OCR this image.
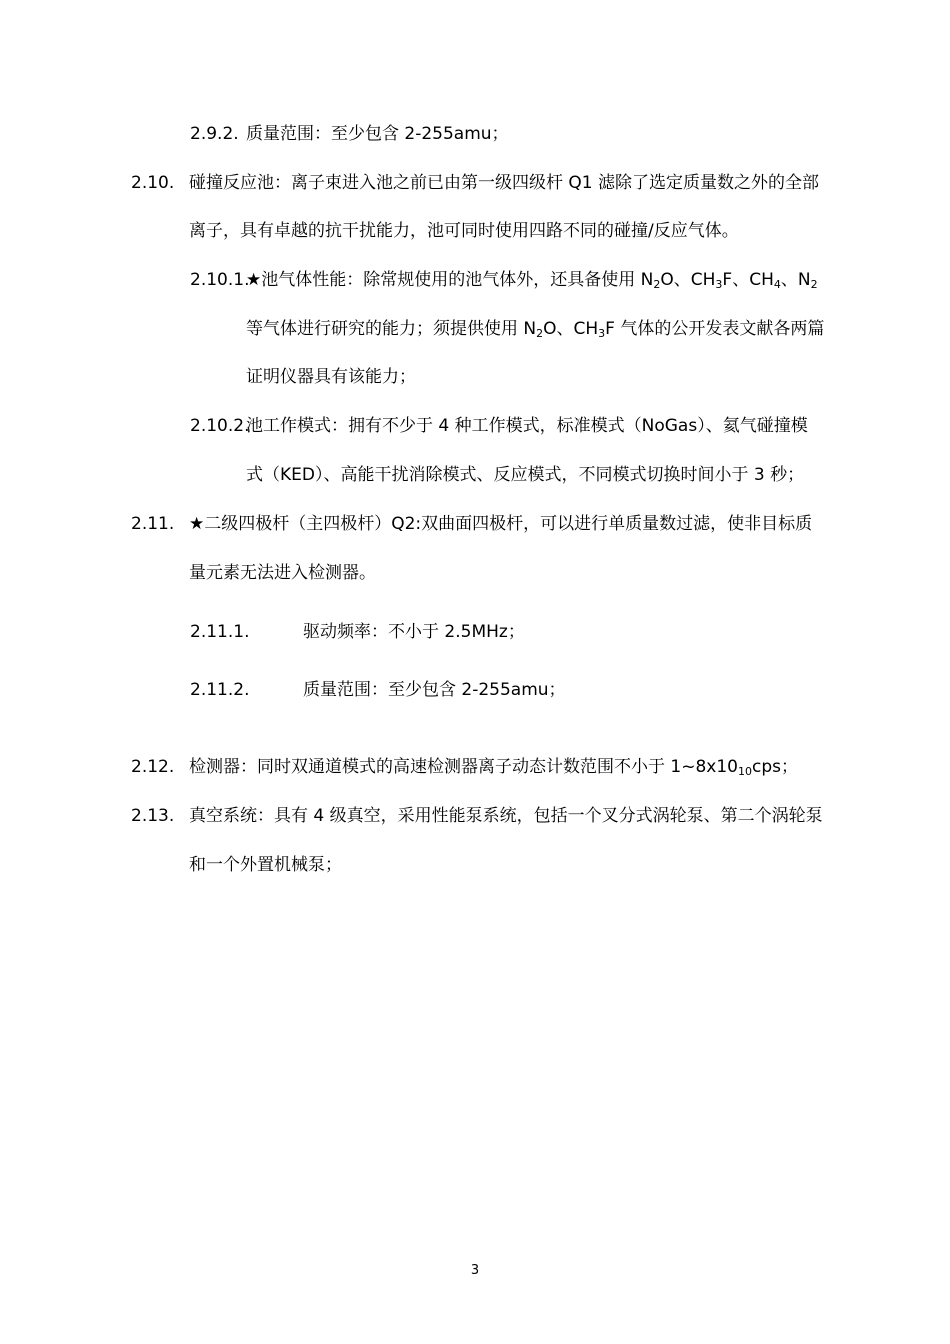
2.9.2. 质量范围：至少包含 2-255amu；
2.10. 碰撞反应池：离子束进入池之前已由第一级四级杆 Q1 滤除了选定质量数之外的全部
离子，具有卓越的抗干扰能力，池可同时使用四路不同的碰撞/反应气体。
2.10.1.
★池气体性能：除常规使用的池气体外，还具备使用 $N_2O$、$CH_3F$、$CH_4$、$N_2$
等气体进行研究的能力；须提供使用 $N_2O$、$CH_3F$ 气体的公开发表文献各两篇
证明仪器具有该能力；
2.10.2.
池工作模式：拥有不少于 4 种工作模式，标准模式（NoGas）、氦气碰撞模
式（KED）、高能干扰消除模式、反应模式，不同模式切换时间小于 3 秒；
2.11. ★二级四极杆（主四极杆）Q2:双曲面四极杆，可以进行单质量数过滤，使非目标质
量元素无法进入检测器。
2.11.1.	驱动频率：不小于 2.5MHz；
2.11.2.	质量范围：至少包含 2-255amu；
2.12. 检测器：同时双通道模式的高速检测器离子动态计数范围不小于 $1\sim 8x10_{10}cps$；
2.13. 真空系统：具有 4 级真空，采用性能泵系统，包括一个叉分式涡轮泵、第二个涡轮泵
和一个外置机械泵；
3
